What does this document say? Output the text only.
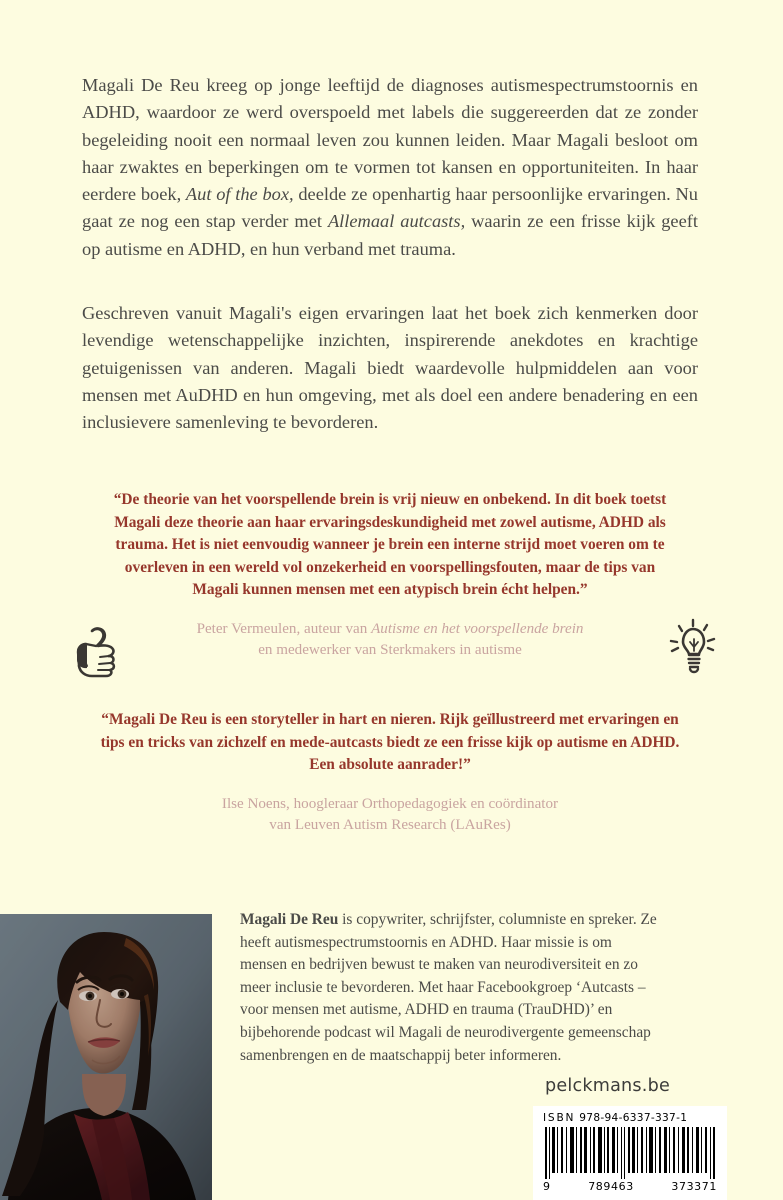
Magali De Reu kreeg op jonge leeftijd de diagnoses autismespectrumstoornis en ADHD, waardoor ze werd overspoeld met labels die suggereerden dat ze zonder begeleiding nooit een normaal leven zou kunnen leiden. Maar Magali besloot om haar zwaktes en beperkingen om te vormen tot kansen en opportuniteiten. In haar eerdere boek, Aut of the box, deelde ze openhartig haar persoonlijke ervaringen. Nu gaat ze nog een stap verder met Allemaal autcasts, waarin ze een frisse kijk geeft op autisme en ADHD, en hun verband met trauma.

Geschreven vanuit Magali's eigen ervaringen laat het boek zich kenmerken door levendige wetenschappelijke inzichten, inspirerende anekdotes en krachtige getuigenissen van anderen. Magali biedt waardevolle hulpmiddelen aan voor mensen met AuDHD en hun omgeving, met als doel een andere benadering en een inclusievere samenleving te bevorderen.

“De theorie van het voorspellende brein is vrij nieuw en onbekend. In dit boek toetst Magali deze theorie aan haar ervaringsdeskundigheid met zowel autisme, ADHD als trauma. Het is niet eenvoudig wanneer je brein een interne strijd moet voeren om te overleven in een wereld vol onzekerheid en voorspellingsfouten, maar de tips van Magali kunnen mensen met een atypisch brein écht helpen.”
Peter Vermeulen, auteur van Autisme en het voorspellende brein
en medewerker van Sterkmakers in autisme
“Magali De Reu is een storyteller in hart en nieren. Rijk geïllustreerd met ervaringen en tips en tricks van zichzelf en mede-autcasts biedt ze een frisse kijk op autisme en ADHD. Een absolute aanrader!”
Ilse Noens, hoogleraar Orthopedagogiek en coördinator
van Leuven Autism Research (LAuRes)

Magali De Reu is copywriter, schrijfster, columniste en spreker. Ze heeft autismespectrumstoornis en ADHD. Haar missie is om mensen en bedrijven bewust te maken van neurodiversiteit en zo meer inclusie te bevorderen. Met haar Facebookgroep ‘Autcasts – voor mensen met autisme, ADHD en trauma (TrauDHD)’ en bijbehorende podcast wil Magali de neurodivergente gemeenschap samenbrengen en de maatschappij beter informeren.

pelckmans.be
ISBN 978-94-6337-337-1
9	789463	373371
